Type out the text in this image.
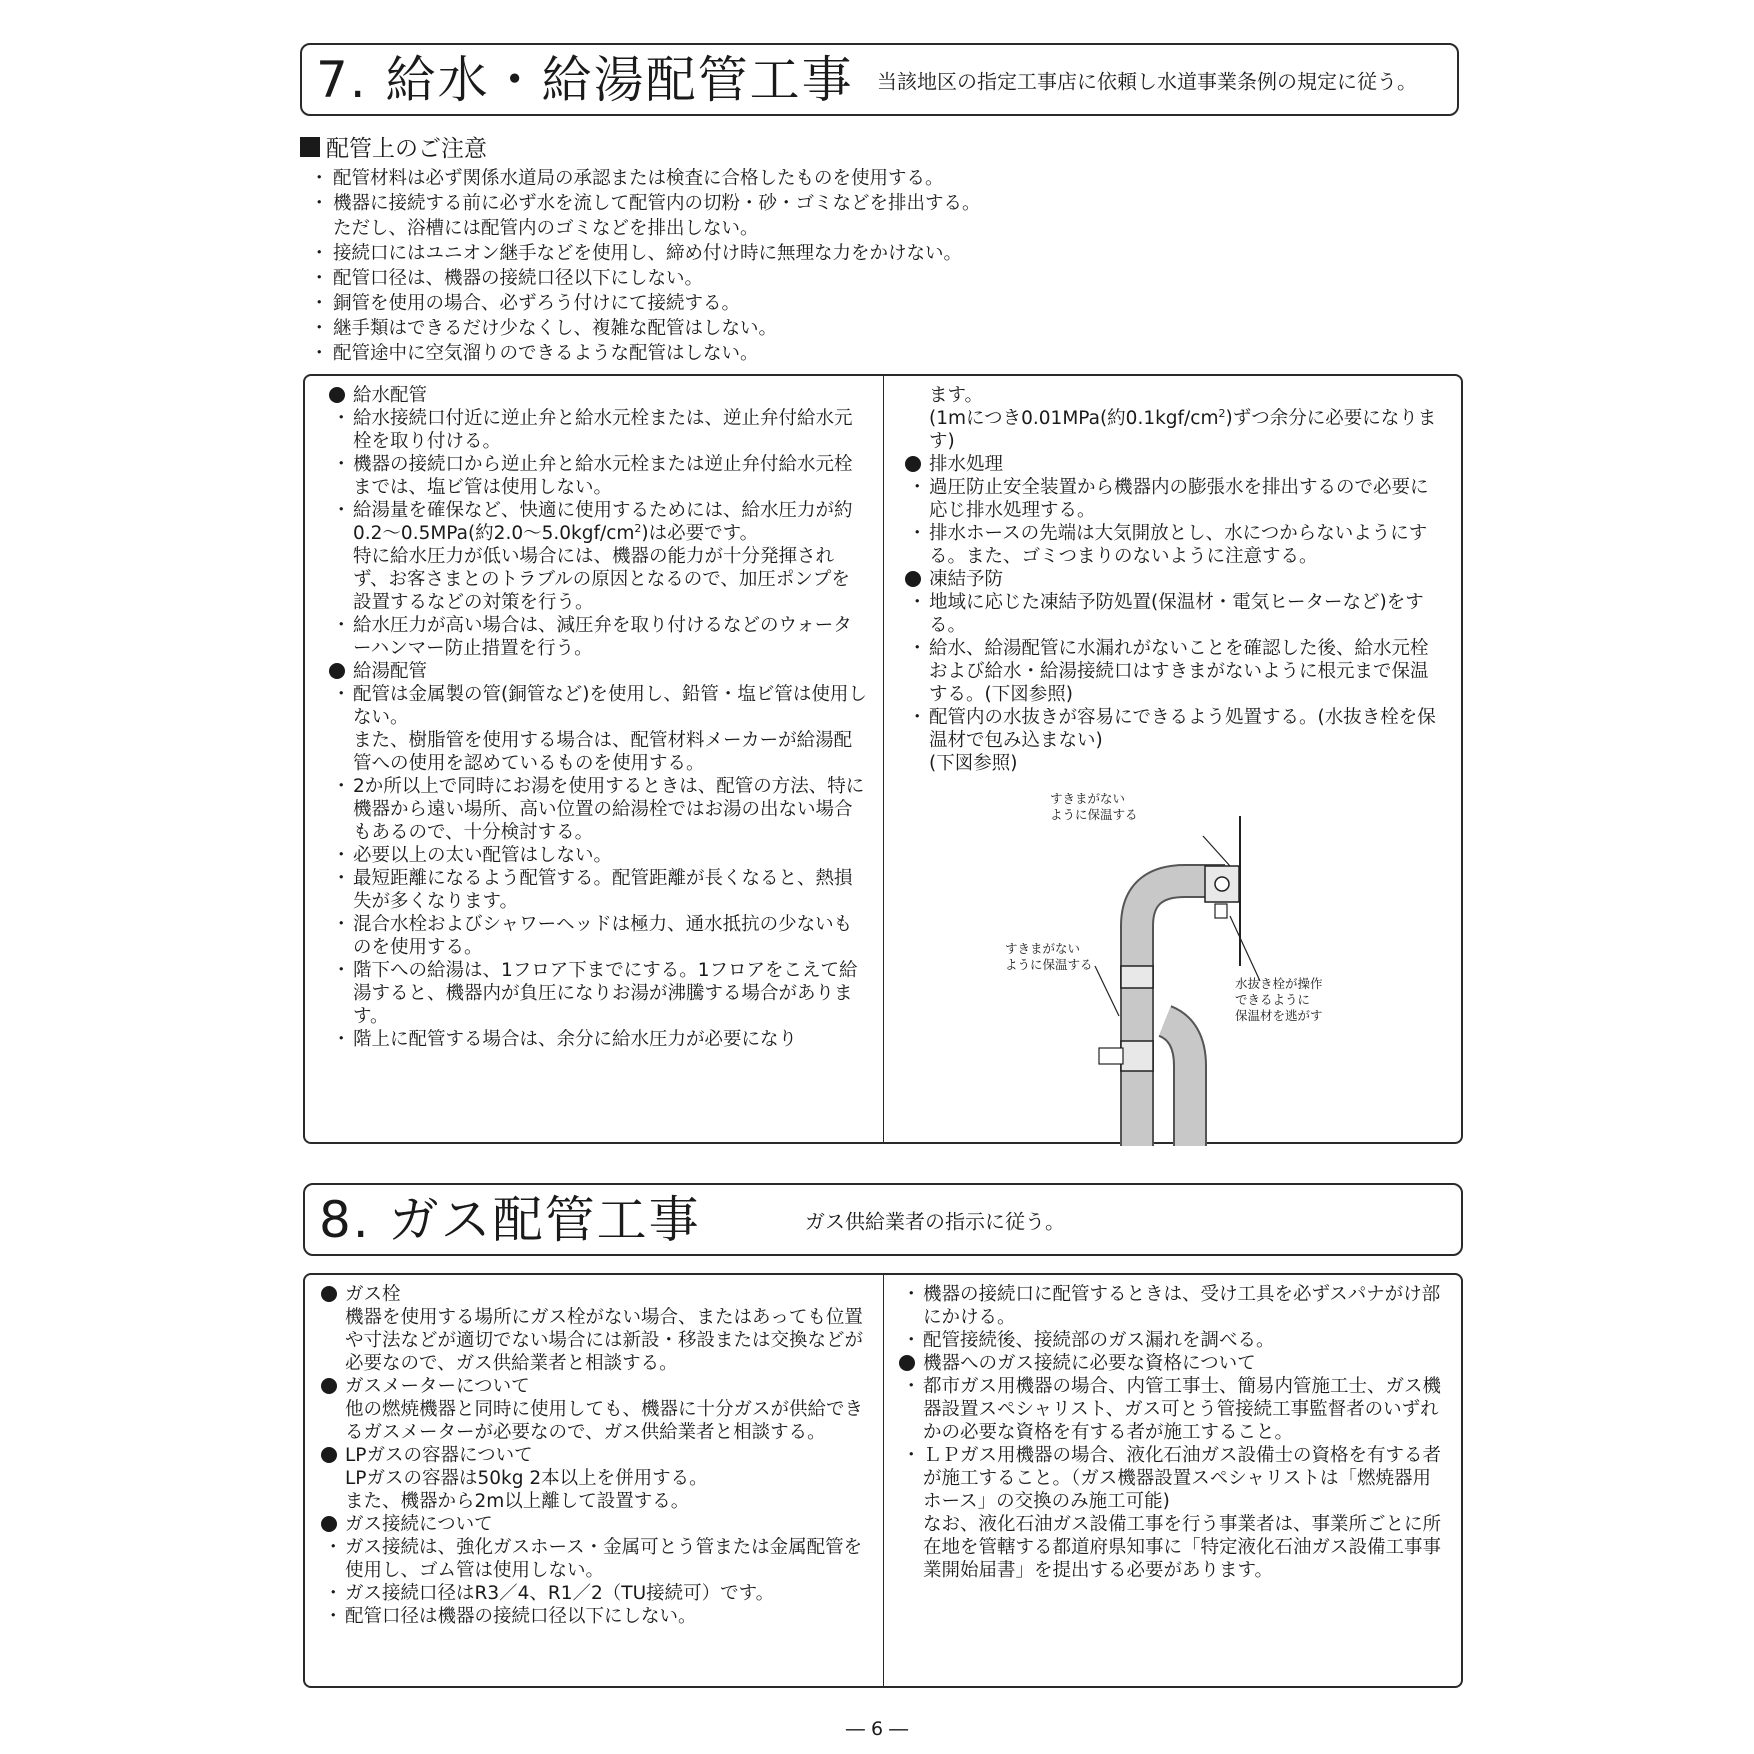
7. 給水・給湯配管工事 当該地区の指定工事店に依頼し水道事業条例の規定に従う。
配管上のご注意
・ 配管材料は必ず関係水道局の承認または検査に合格したものを使用する。
・ 機器に接続する前に必ず水を流して配管内の切粉・砂・ゴミなどを排出する。
ただし、浴槽には配管内のゴミなどを排出しない。
・ 接続口にはユニオン継手などを使用し、締め付け時に無理な力をかけない。
・ 配管口径は、機器の接続口径以下にしない。
・ 銅管を使用の場合、必ずろう付けにて接続する。
・ 継手類はできるだけ少なくし、複雑な配管はしない。
・ 配管途中に空気溜りのできるような配管はしない。
給水配管
・ 給水接続口付近に逆止弁と給水元栓または、逆止弁付給水元栓を取り付ける。
・ 機器の接続口から逆止弁と給水元栓または逆止弁付給水元栓までは、塩ビ管は使用しない。
・ 給湯量を確保など、快適に使用するためには、給水圧力が約0.2～0.5MPa(約$2.0\sim 5.0kgf/cm^2$)は必要です。
特に給水圧力が低い場合には、機器の能力が十分発揮されず、お客さまとのトラブルの原因となるので、加圧ポンプを設置するなどの対策を行う。
・ 給水圧力が高い場合は、減圧弁を取り付けるなどのウォーターハンマー防止措置を行う。
給湯配管
・ 配管は金属製の管(銅管など)を使用し、鉛管・塩ビ管は使用しない。
また、樹脂管を使用する場合は、配管材料メーカーが給湯配管への使用を認めているものを使用する。
・ 2か所以上で同時にお湯を使用するときは、配管の方法、特に機器から遠い場所、高い位置の給湯栓ではお湯の出ない場合もあるので、十分検討する。
・ 必要以上の太い配管はしない。
・ 最短距離になるよう配管する。配管距離が長くなると、熱損失が多くなります。
・ 混合水栓およびシャワーヘッドは極力、通水抵抗の少ないものを使用する。
・ 階下への給湯は、1フロア下までにする。1フロアをこえて給湯すると、機器内が負圧になりお湯が沸騰する場合があります。
・ 階上に配管する場合は、余分に給水圧力が必要になり
ます。
(1mにつき0.01MPa(約$0.1kgf/cm^2$)ずつ余分に必要になります)
排水処理
・ 過圧防止安全装置から機器内の膨張水を排出するので必要に応じ排水処理する。
・ 排水ホースの先端は大気開放とし、水につからないようにする。また、ゴミつまりのないように注意する。
凍結予防
・ 地域に応じた凍結予防処置(保温材・電気ヒーターなど)をする。
・ 給水、給湯配管に水漏れがないことを確認した後、給水元栓および給水・給湯接続口はすきまがないように根元まで保温する。(下図参照)
・ 配管内の水抜きが容易にできるよう処置する。(水抜き栓を保温材で包み込まない)
(下図参照)
すきまがない
ように保温する
すきまがない
ように保温する
水抜き栓が操作
できるように
保温材を逃がす
8. ガス配管工事	ガス供給業者の指示に従う。
ガス栓
機器を使用する場所にガス栓がない場合、またはあっても位置や寸法などが適切でない場合には新設・移設または交換などが必要なので、ガス供給業者と相談する。
ガスメーターについて
他の燃焼機器と同時に使用しても、機器に十分ガスが供給できるガスメーターが必要なので、ガス供給業者と相談する。
LPガスの容器について
LPガスの容器は50kg 2本以上を併用する。
また、機器から2m以上離して設置する。
ガス接続について
・ ガス接続は、強化ガスホース・金属可とう管または金属配管を使用し、ゴム管は使用しない。
・ ガス接続口径はR3／4、R1／2（TU接続可）です。
・ 配管口径は機器の接続口径以下にしない。
・ 機器の接続口に配管するときは、受け工具を必ずスパナがけ部にかける。
・ 配管接続後、接続部のガス漏れを調べる。
機器へのガス接続に必要な資格について
・ 都市ガス用機器の場合、内管工事士、簡易内管施工士、ガス機器設置スペシャリスト、ガス可とう管接続工事監督者のいずれかの必要な資格を有する者が施工すること。
・ ＬＰガス用機器の場合、液化石油ガス設備士の資格を有する者が施工すること。（ガス機器設置スペシャリストは「燃焼器用ホース」の交換のみ施工可能)
なお、液化石油ガス設備工事を行う事業者は、事業所ごとに所在地を管轄する都道府県知事に「特定液化石油ガス設備工事事業開始届書」を提出する必要があります。
― 6 ―
